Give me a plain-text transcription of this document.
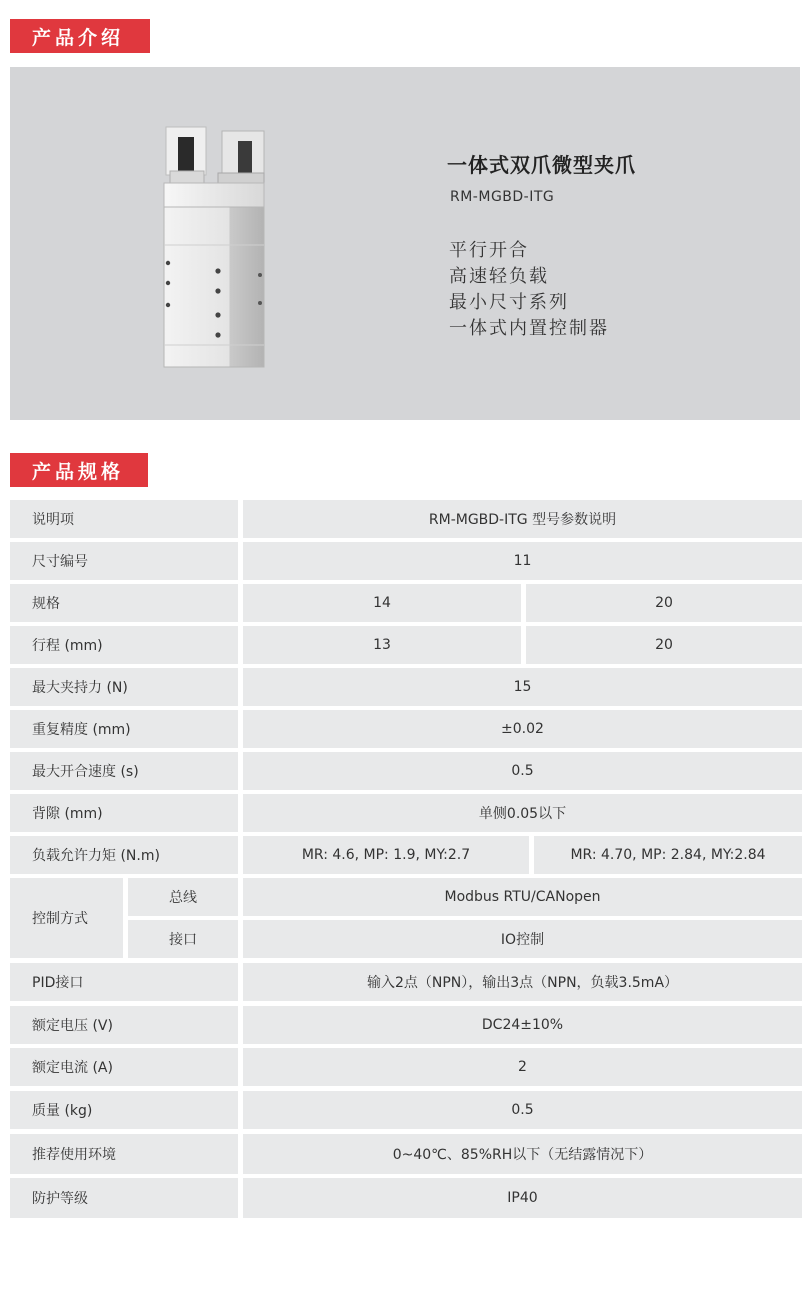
产品介绍
一体式双爪微型夹爪
RM-MGBD-ITG
平行开合
高速轻负载
最小尺寸系列
一体式内置控制器
产品规格
说明项	RM-MGBD-ITG 型号参数说明
尺寸编号	11
规格	14	20
行程 (mm)	13	20
最大夹持力 (N)	15
重复精度 (mm)	±0.02
最大开合速度 (s)	0.5
背隙 (mm)	单侧0.05以下
负载允许力矩 (N.m)	MR: 4.6, MP: 1.9, MY:2.7	MR: 4.70, MP: 2.84, MY:2.84
控制方式
总线	Modbus RTU/CANopen
接口	IO控制
PID接口	输入2点（NPN），输出3点（NPN，负载3.5mA）
额定电压 (V)	DC24±10%
额定电流 (A)	2
质量 (kg)	0.5
推荐使用环境	0~40℃、85%RH以下（无结露情况下）
防护等级	IP40
